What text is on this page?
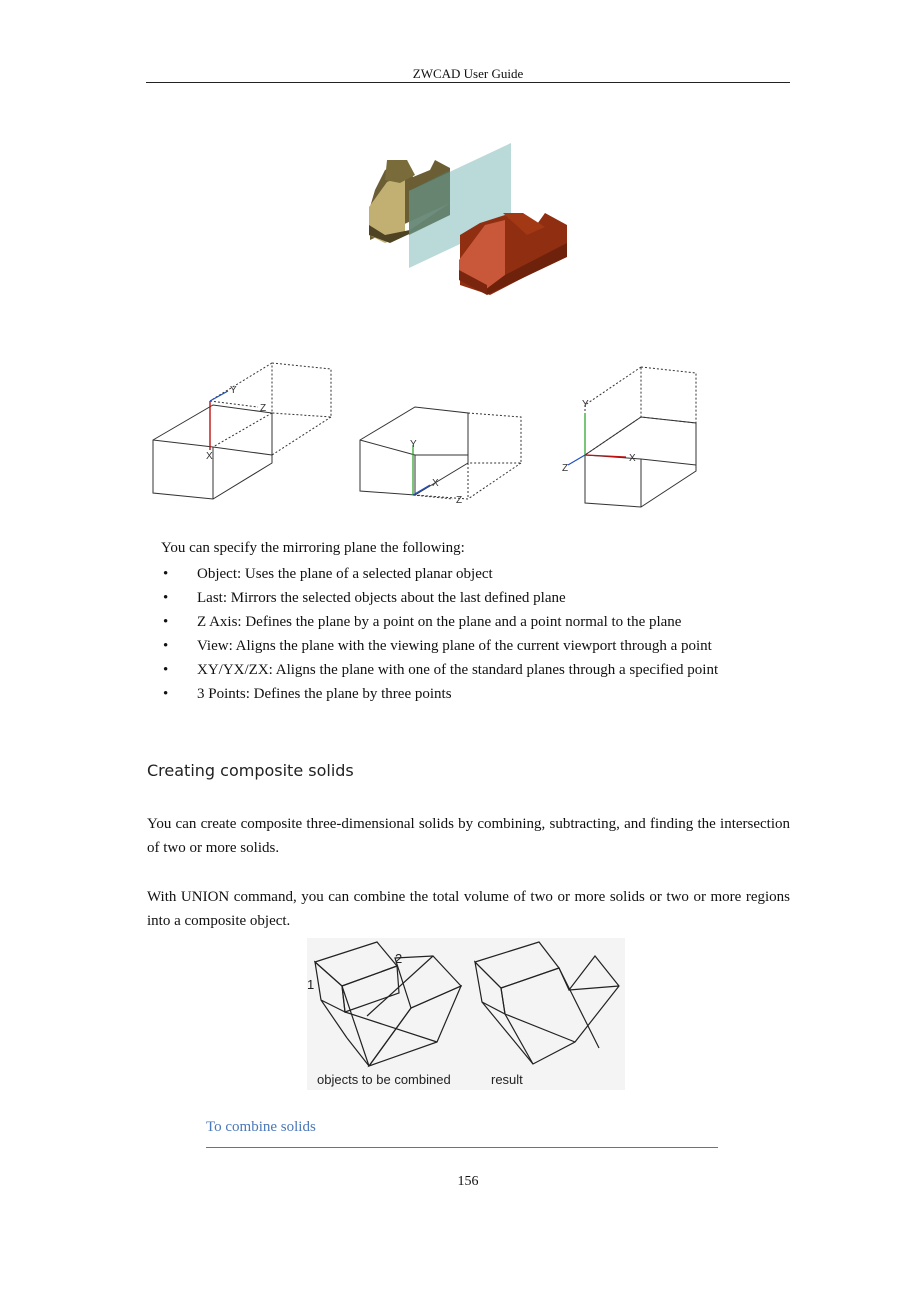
ZWCAD User Guide
Y
Z
X
Y
X
Z
Y
X
Z
You can specify the mirroring plane the following:
• Object: Uses the plane of a selected planar object
• Last: Mirrors the selected objects about the last defined plane
• Z Axis: Defines the plane by a point on the plane and a point normal to the plane
• View: Aligns the plane with the viewing plane of the current viewport through a point
• XY/YX/ZX: Aligns the plane with one of the standard planes through a specified point
• 3 Points: Defines the plane by three points
Creating composite solids
You can create composite three-dimensional solids by combining, subtracting, and finding the intersection of two or more solids.
With UNION command, you can combine the total volume of two or more solids or two or more regions into a composite object.
1
2
objects to be combined	result
To combine solids
156
